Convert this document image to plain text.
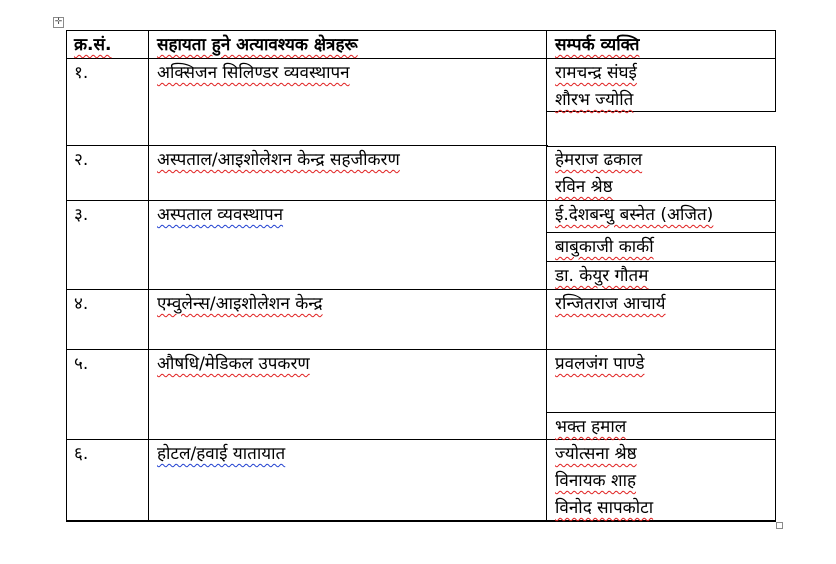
✛
क्र.सं.	सहायता हुने अत्यावश्यक क्षेत्रहरू	सम्पर्क व्यक्ति
१.	अक्सिजन सिलिण्डर व्यवस्थापन	रामचन्द्र संघई
शौरभ ज्योति
२.	अस्पताल/आइशोलेशन केन्द्र सहजीकरण	हेमराज ढकाल
रविन श्रेष्ठ
३.	अस्पताल व्यवस्थापन	ई.देशबन्धु बस्नेत (अजित)
बाबुकाजी कार्की
डा. केयुर गौतम
४.	एम्वुलेन्स/आइशोलेशन केन्द्र	रन्जितराज आचार्य
५.	औषधि/मेडिकल उपकरण	प्रवलजंग पाण्डे
भक्त हमाल
६.	होटल/हवाई यातायात	ज्योत्सना श्रेष्ठ
विनायक शाह
विनोद सापकोटा
